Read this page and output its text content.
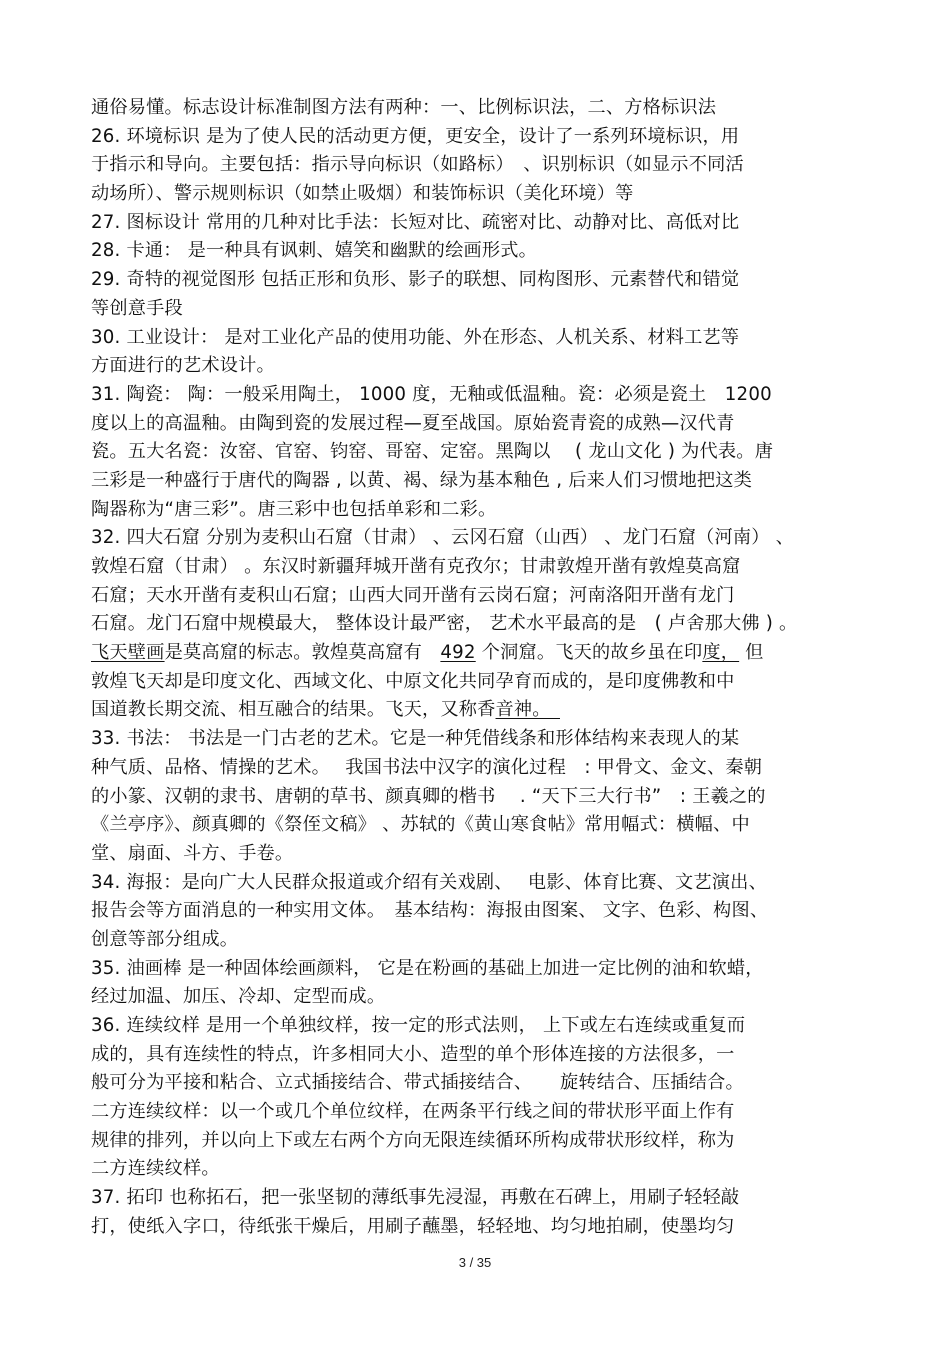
通俗易懂。标志设计标准制图方法有两种：一、比例标识法，二、方格标识法
26. 环境标识 是为了使人民的活动更方便，更安全，设计了一系列环境标识，用
于指示和导向。主要包括：指示导向标识（如路标）　、识别标识（如显示不同活
动场所）、警示规则标识（如禁止吸烟）和装饰标识（美化环境）等
27. 图标设计 常用的几种对比手法：长短对比、疏密对比、动静对比、高低对比
28. 卡通： 是一种具有讽刺、嬉笑和幽默的绘画形式。
29. 奇特的视觉图形 包括正形和负形、影子的联想、同构图形、元素替代和错觉
等创意手段
30. 工业设计： 是对工业化产品的使用功能、外在形态、人机关系、材料工艺等
方面进行的艺术设计。
31. 陶瓷： 陶：一般采用陶土， 1000 度，无釉或低温釉。瓷：必须是瓷土　1200
度以上的高温釉。由陶到瓷的发展过程—夏至战国。原始瓷青瓷的成熟—汉代青
瓷。五大名瓷：汝窑、官窑、钧窑、哥窑、定窑。黑陶以　 ( 龙山文化 ) 为代表。唐
三彩是一种盛行于唐代的陶器 , 以黄、褐、绿为基本釉色 , 后来人们习惯地把这类
陶器称为“唐三彩”。唐三彩中也包括单彩和二彩。
32. 四大石窟 分别为麦积山石窟（甘肃） 、云冈石窟（山西） 、龙门石窟（河南） 、
敦煌石窟（甘肃） 。东汉时新疆拜城开凿有克孜尔；甘肃敦煌开凿有敦煌莫高窟
石窟；天水开凿有麦积山石窟；山西大同开凿有云岗石窟；河南洛阳开凿有龙门
石窟。龙门石窟中规模最大， 整体设计最严密， 艺术水平最高的是　( 卢舍那大佛 ) 。
飞天壁画是莫高窟的标志。敦煌莫高窟有　492 个洞窟。飞天的故乡虽在印度， 但
敦煌飞天却是印度文化、西域文化、中原文化共同孕育而成的，是印度佛教和中
国道教长期交流、相互融合的结果。飞天，又称香音神。　
33. 书法： 书法是一门古老的艺术。它是一种凭借线条和形体结构来表现人的某
种气质、品格、情操的艺术。　 我国书法中汉字的演化过程　: 甲骨文、金文、秦朝
的小篆、汉朝的隶书、唐朝的草书、颜真卿的楷书　 . “天下三大行书”　: 王羲之的
《兰亭序》、颜真卿的《祭侄文稿》 、苏轼的《黄山寒食帖》常用幅式：横幅、中
堂、扇面、斗方、手卷。
34. 海报：是向广大人民群众报道或介绍有关戏剧、　 电影、体育比赛、文艺演出、
报告会等方面消息的一种实用文体。　基本结构：海报由图案、 文字、色彩、构图、
创意等部分组成。
35. 油画棒 是一种固体绘画颜料， 它是在粉画的基础上加进一定比例的油和软蜡，
经过加温、加压、冷却、定型而成。
36. 连续纹样 是用一个单独纹样，按一定的形式法则， 上下或左右连续或重复而
成的，具有连续性的特点，许多相同大小、造型的单个形体连接的方法很多，一
般可分为平接和粘合、立式插接结合、带式插接结合、　　旋转结合、压插结合。
二方连续纹样：以一个或几个单位纹样，在两条平行线之间的带状形平面上作有
规律的排列，并以向上下或左右两个方向无限连续循环所构成带状形纹样，称为
二方连续纹样。
37. 拓印 也称拓石，把一张坚韧的薄纸事先浸湿，再敷在石碑上，用刷子轻轻敲
打，使纸入字口，待纸张干燥后，用刷子蘸墨，轻轻地、均匀地拍刷，使墨均匀
3 / 35
